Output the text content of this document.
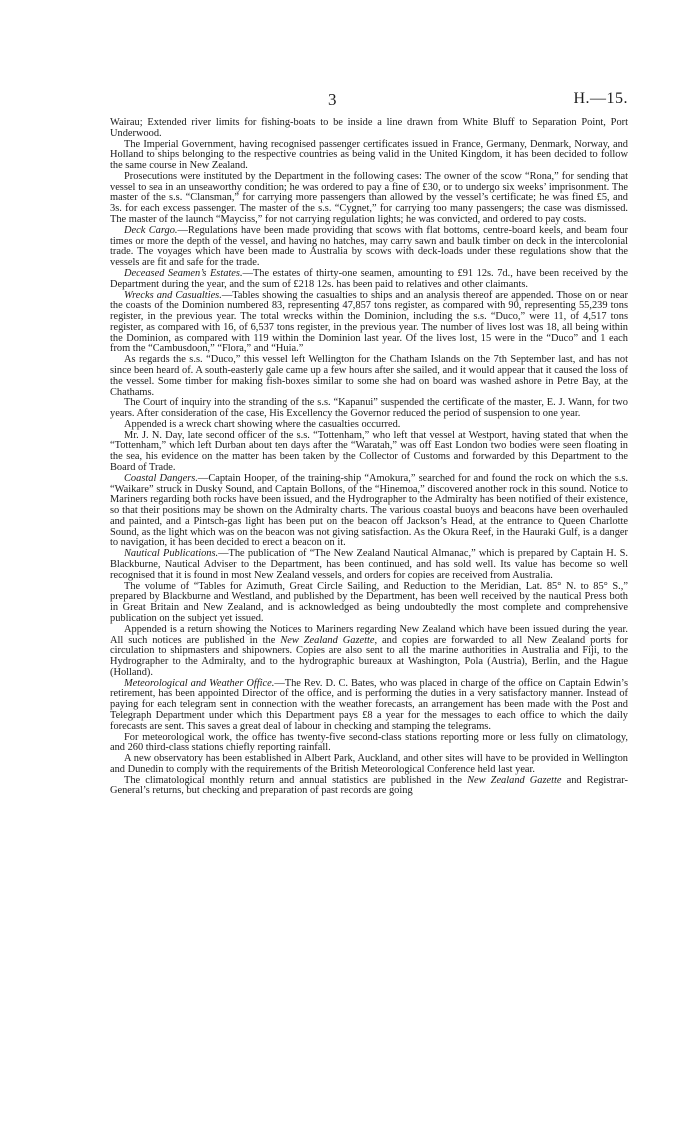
3	H.—15.

Wairau; Extended river limits for fishing-boats to be inside a line drawn from White Bluff to Separation Point, Port Underwood.

The Imperial Government, having recognised passenger certificates issued in France, Germany, Denmark, Norway, and Holland to ships belonging to the respective countries as being valid in the United Kingdom, it has been decided to follow the same course in New Zealand.

Prosecutions were instituted by the Department in the following cases: The owner of the scow “Rona,” for sending that vessel to sea in an unseaworthy condition; he was ordered to pay a fine of £30, or to undergo six weeks’ imprisonment. The master of the s.s. “Clansman,” for carrying more passengers than allowed by the vessel’s certificate; he was fined £5, and 3s. for each excess passenger. The master of the s.s. “Cygnet,” for carrying too many passengers; the case was dismissed. The master of the launch “Mayciss,” for not carrying regulation lights; he was convicted, and ordered to pay costs.

Deck Cargo.—Regulations have been made providing that scows with flat bottoms, centre-board keels, and beam four times or more the depth of the vessel, and having no hatches, may carry sawn and baulk timber on deck in the intercolonial trade. The voyages which have been made to Australia by scows with deck-loads under these regulations show that the vessels are fit and safe for the trade.

Deceased Seamen’s Estates.—The estates of thirty-one seamen, amounting to £91 12s. 7d., have been received by the Department during the year, and the sum of £218 12s. has been paid to relatives and other claimants.

Wrecks and Casualties.—Tables showing the casualties to ships and an analysis thereof are appended. Those on or near the coasts of the Dominion numbered 83, representing 47,857 tons register, as compared with 90, representing 55,239 tons register, in the previous year. The total wrecks within the Dominion, including the s.s. “Duco,” were 11, of 4,517 tons register, as compared with 16, of 6,537 tons register, in the previous year. The number of lives lost was 18, all being within the Dominion, as compared with 119 within the Dominion last year. Of the lives lost, 15 were in the “Duco” and 1 each from the “Cambusdoon,” “Flora,” and “Huia.”

As regards the s.s. “Duco,” this vessel left Wellington for the Chatham Islands on the 7th September last, and has not since been heard of. A south-easterly gale came up a few hours after she sailed, and it would appear that it caused the loss of the vessel. Some timber for making fish-boxes similar to some she had on board was washed ashore in Petre Bay, at the Chathams.

The Court of inquiry into the stranding of the s.s. “Kapanui” suspended the certificate of the master, E. J. Wann, for two years. After consideration of the case, His Excellency the Governor reduced the period of suspension to one year.

Appended is a wreck chart showing where the casualties occurred.

Mr. J. N. Day, late second officer of the s.s. “Tottenham,” who left that vessel at Westport, having stated that when the “Tottenham,” which left Durban about ten days after the “Waratah,” was off East London two bodies were seen floating in the sea, his evidence on the matter has been taken by the Collector of Customs and forwarded by this Department to the Board of Trade.

Coastal Dangers.—Captain Hooper, of the training-ship “Amokura,” searched for and found the rock on which the s.s. “Waikare” struck in Dusky Sound, and Captain Bollons, of the “Hinemoa,” discovered another rock in this sound. Notice to Mariners regarding both rocks have been issued, and the Hydrographer to the Admiralty has been notified of their existence, so that their positions may be shown on the Admiralty charts. The various coastal buoys and beacons have been overhauled and painted, and a Pintsch-gas light has been put on the beacon off Jackson’s Head, at the entrance to Queen Charlotte Sound, as the light which was on the beacon was not giving satisfaction. As the Okura Reef, in the Hauraki Gulf, is a danger to navigation, it has been decided to erect a beacon on it.

Nautical Publications.—The publication of “The New Zealand Nautical Almanac,” which is prepared by Captain H. S. Blackburne, Nautical Adviser to the Department, has been continued, and has sold well. Its value has become so well recognised that it is found in most New Zealand vessels, and orders for copies are received from Australia.

The volume of “Tables for Azimuth, Great Circle Sailing, and Reduction to the Meridian, Lat. 85° N. to 85° S.,” prepared by Blackburne and Westland, and published by the Department, has been well received by the nautical Press both in Great Britain and New Zealand, and is acknowledged as being undoubtedly the most complete and comprehensive publication on the subject yet issued.

Appended is a return showing the Notices to Mariners regarding New Zealand which have been issued during the year. All such notices are published in the New Zealand Gazette, and copies are forwarded to all New Zealand ports for circulation to shipmasters and shipowners. Copies are also sent to all the marine authorities in Australia and Fiji, to the Hydrographer to the Admiralty, and to the hydrographic bureaux at Washington, Pola (Austria), Berlin, and the Hague (Holland).

Meteorological and Weather Office.—The Rev. D. C. Bates, who was placed in charge of the office on Captain Edwin’s retirement, has been appointed Director of the office, and is performing the duties in a very satisfactory manner. Instead of paying for each telegram sent in connection with the weather forecasts, an arrangement has been made with the Post and Telegraph Department under which this Department pays £8 a year for the messages to each office to which the daily forecasts are sent. This saves a great deal of labour in checking and stamping the telegrams.

For meteorological work, the office has twenty-five second-class stations reporting more or less fully on climatology, and 260 third-class stations chiefly reporting rainfall.

A new observatory has been established in Albert Park, Auckland, and other sites will have to be provided in Wellington and Dunedin to comply with the requirements of the British Meteorological Conference held last year.

The climatological monthly return and annual statistics are published in the New Zealand Gazette and Registrar-General’s returns, but checking and preparation of past records are going
